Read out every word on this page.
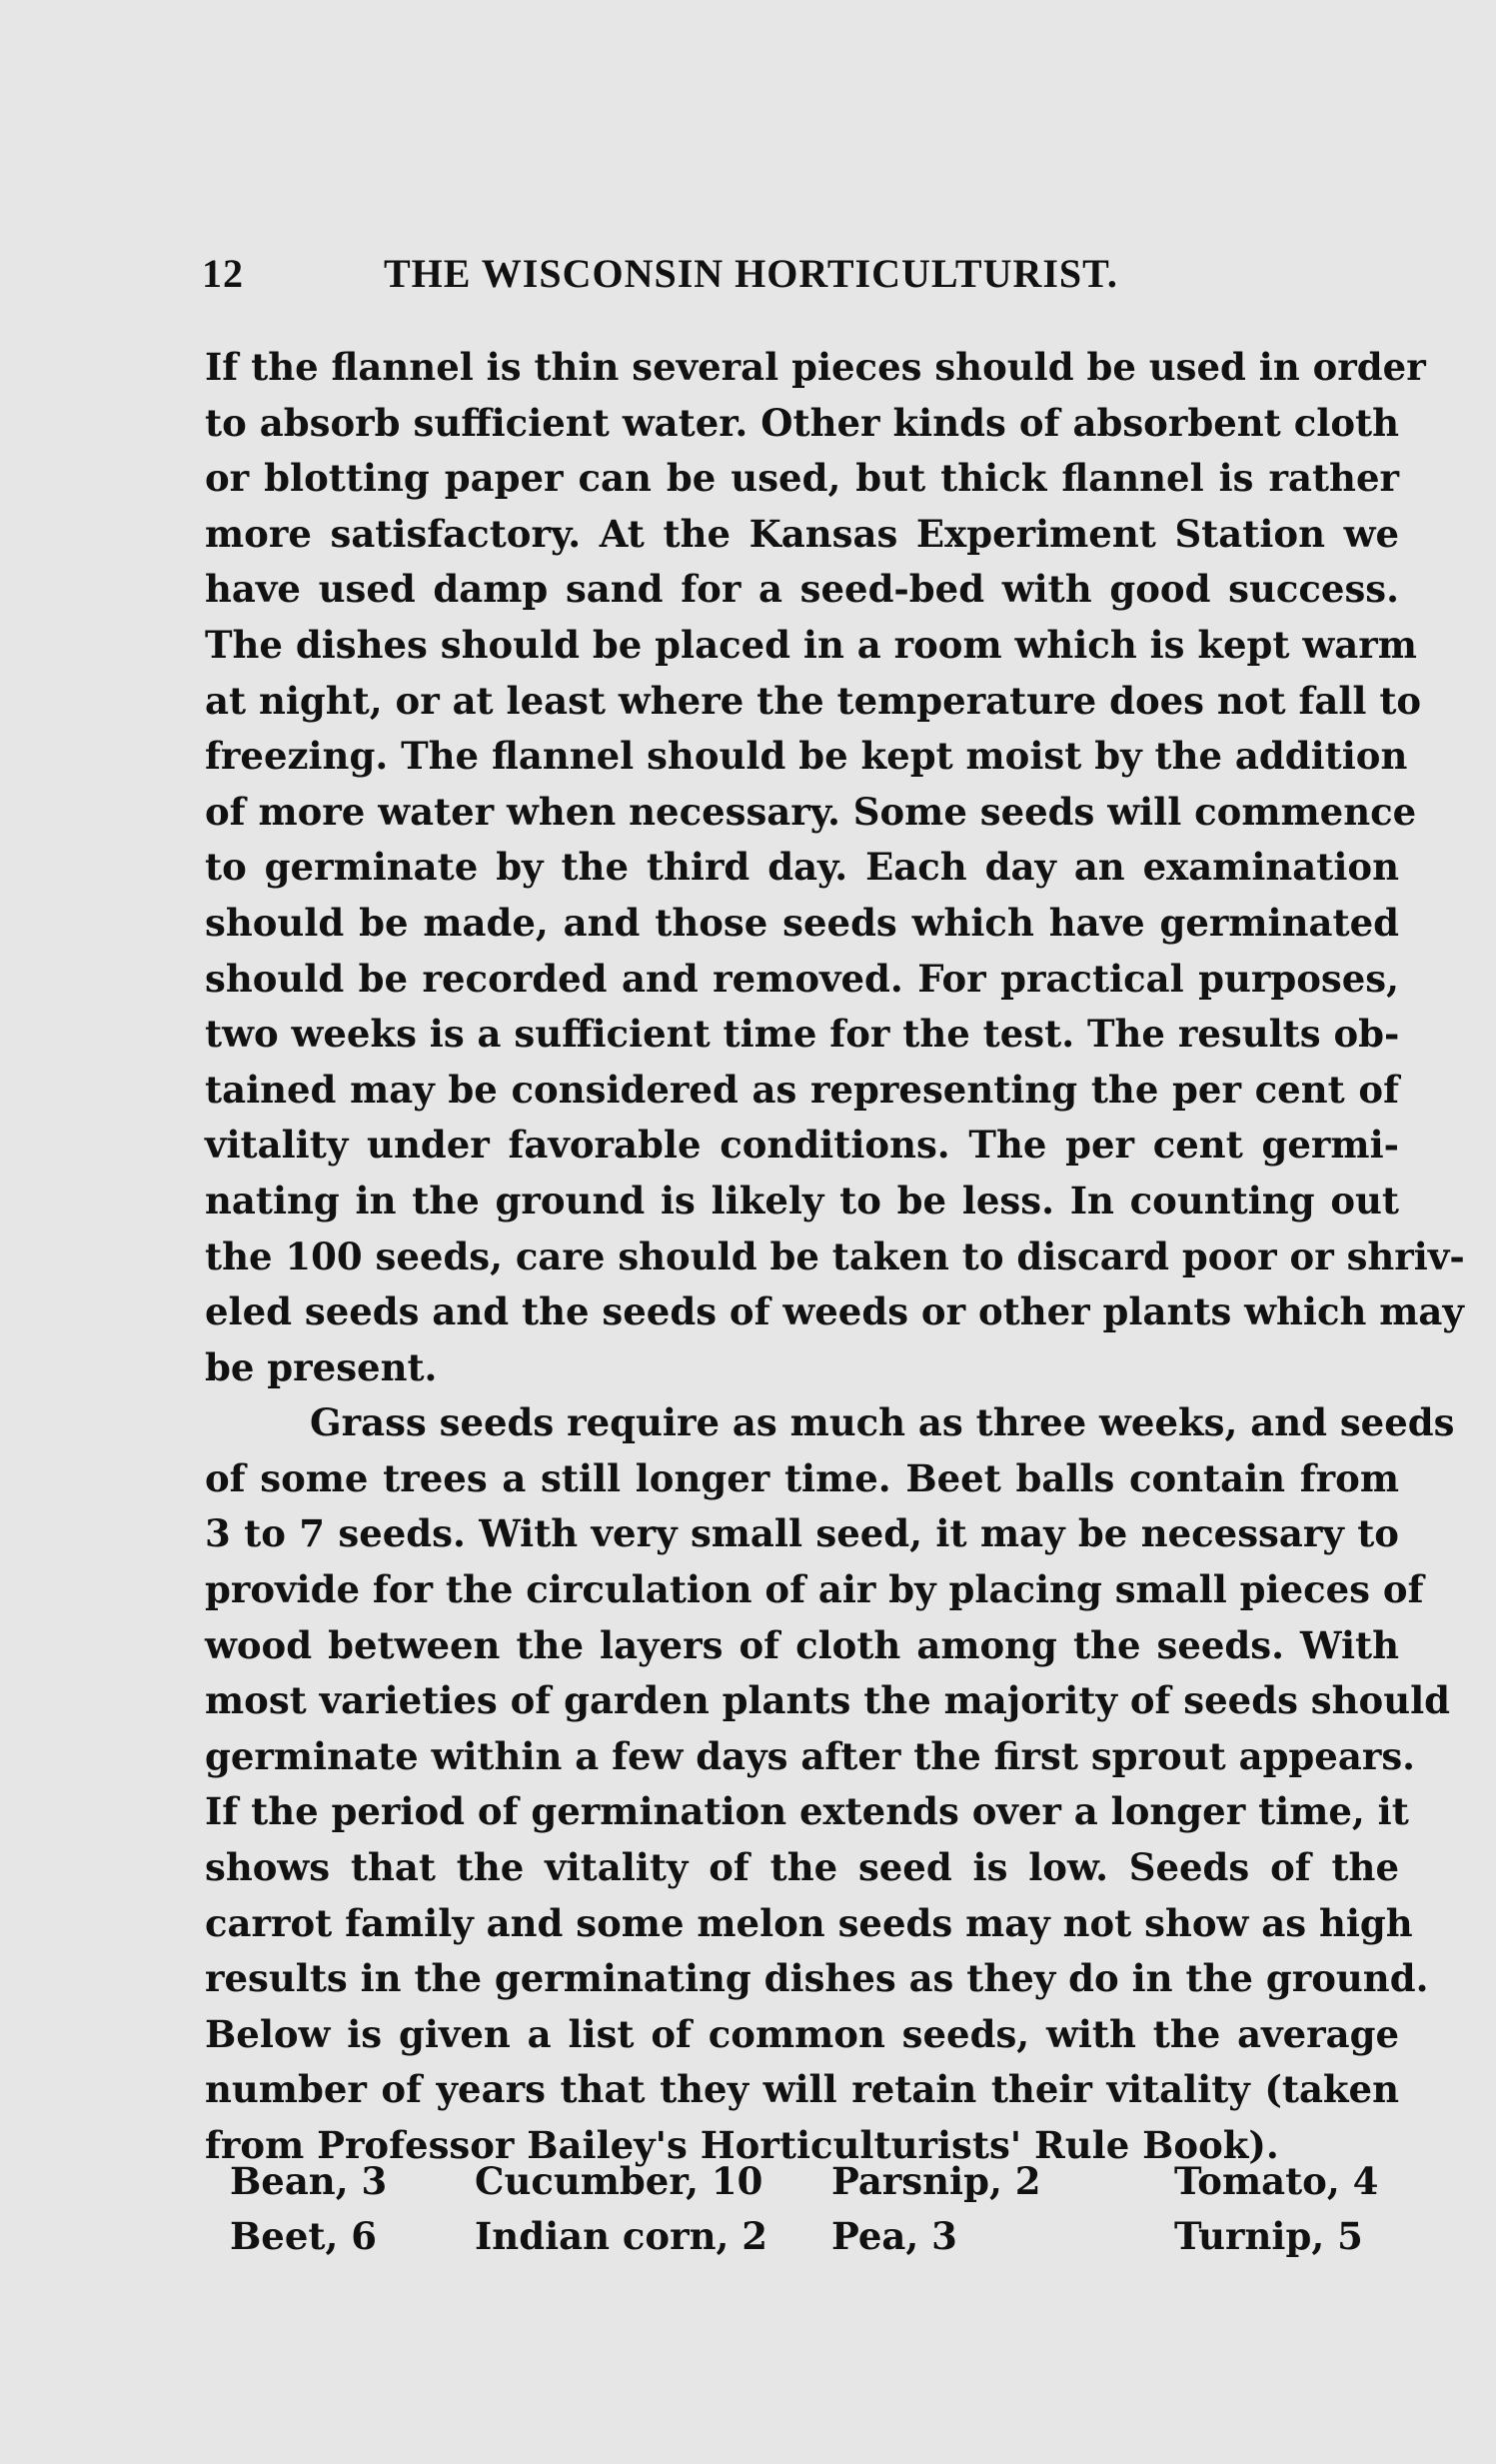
12	THE WISCONSIN HORTICULTURIST.
If the flannel is thin several pieces should be used in order
to absorb sufficient water. Other kinds of absorbent cloth
or blotting paper can be used, but thick flannel is rather
more satisfactory. At the Kansas Experiment Station we
have used damp sand for a seed-bed with good success.
The dishes should be placed in a room which is kept warm
at night, or at least where the temperature does not fall to
freezing. The flannel should be kept moist by the addition
of more water when necessary. Some seeds will commence
to germinate by the third day. Each day an examination
should be made, and those seeds which have germinated
should be recorded and removed. For practical purposes,
two weeks is a sufficient time for the test. The results ob-
tained may be considered as representing the per cent of
vitality under favorable conditions. The per cent germi-
nating in the ground is likely to be less. In counting out
the 100 seeds, care should be taken to discard poor or shriv-
eled seeds and the seeds of weeds or other plants which may
be present.
Grass seeds require as much as three weeks, and seeds
of some trees a still longer time. Beet balls contain from
3 to 7 seeds. With very small seed, it may be necessary to
provide for the circulation of air by placing small pieces of
wood between the layers of cloth among the seeds. With
most varieties of garden plants the majority of seeds should
germinate within a few days after the first sprout appears.
If the period of germination extends over a longer time, it
shows that the vitality of the seed is low. Seeds of the
carrot family and some melon seeds may not show as high
results in the germinating dishes as they do in the ground.
Below is given a list of common seeds, with the average
number of years that they will retain their vitality (taken
from Professor Bailey's Horticulturists' Rule Book).
Bean, 3 Cucumber, 10 Parsnip, 2	Tomato, 4
Beet, 6	Indian corn, 2 Pea, 3	Turnip, 5
